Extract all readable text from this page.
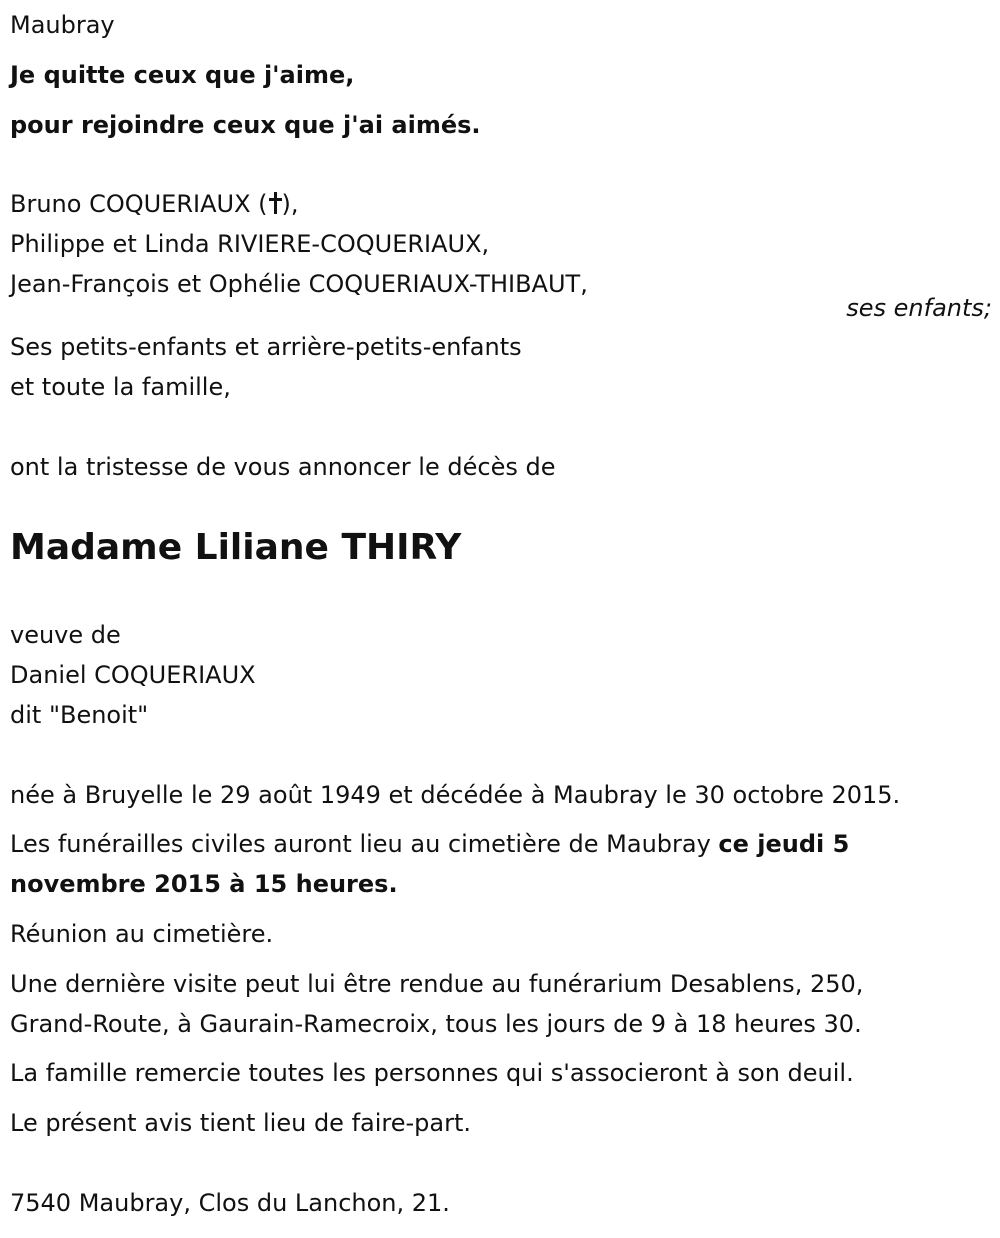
Maubray
Je quitte ceux que j'aime,
pour rejoindre ceux que j'ai aimés.
Bruno COQUERIAUX ( ),
Philippe et Linda RIVIERE-COQUERIAUX,
Jean-François et Ophélie COQUERIAUX-THIBAUT,
ses enfants;
Ses petits-enfants et arrière-petits-enfants
et toute la famille,
ont la tristesse de vous annoncer le décès de
Madame Liliane THIRY
veuve de
Daniel COQUERIAUX
dit "Benoit"
née à Bruyelle le 29 août 1949 et décédée à Maubray le 30 octobre 2015.
Les funérailles civiles auront lieu au cimetière de Maubray ce jeudi 5
novembre 2015 à 15 heures.
Réunion au cimetière.
Une dernière visite peut lui être rendue au funérarium Desablens, 250,
Grand-Route, à Gaurain-Ramecroix, tous les jours de 9 à 18 heures 30.
La famille remercie toutes les personnes qui s'associeront à son deuil.
Le présent avis tient lieu de faire-part.
7540 Maubray, Clos du Lanchon, 21.
